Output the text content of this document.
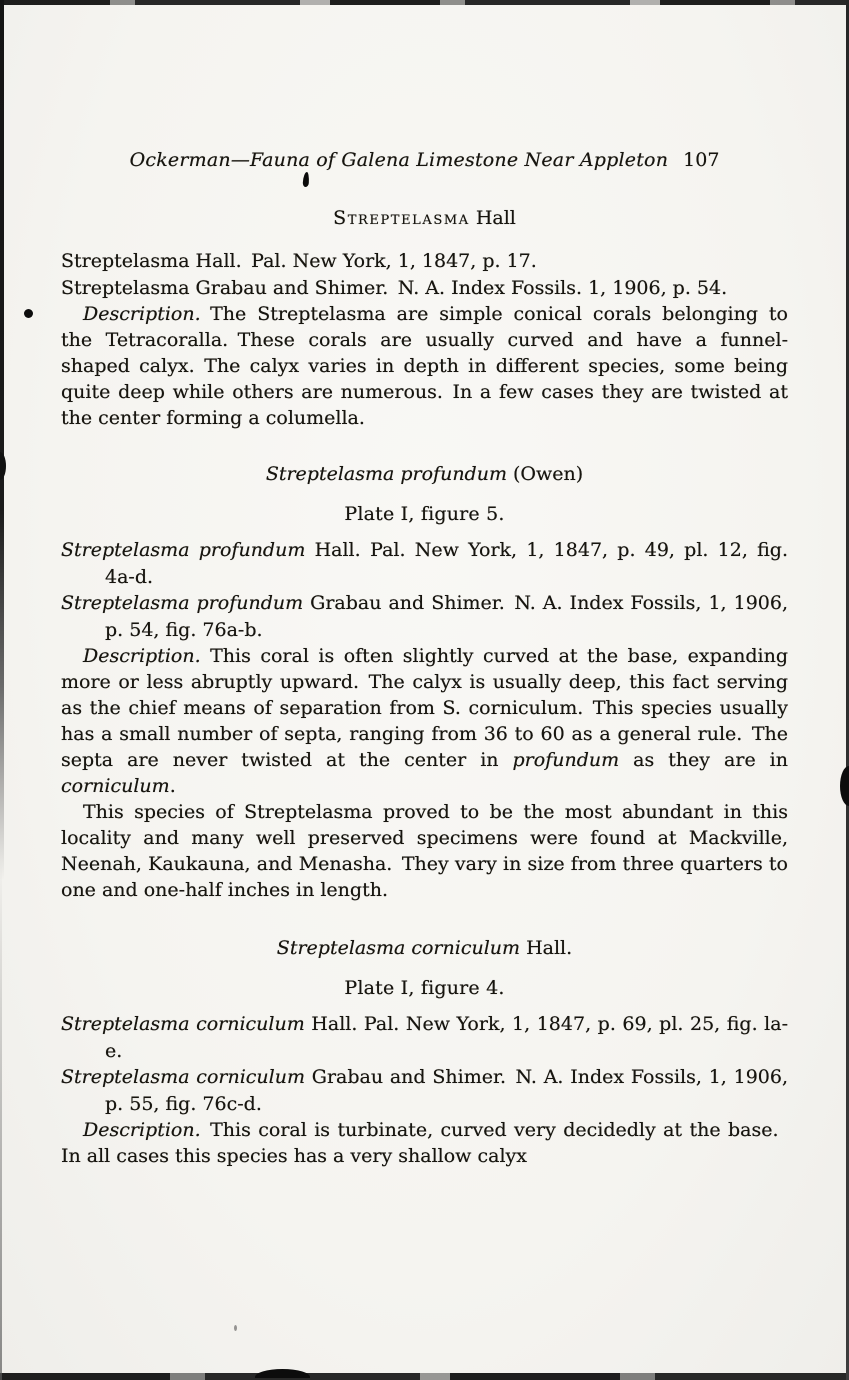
Ockerman—Fauna of Galena Limestone Near Appleton 107
Streptelasma Hall
Streptelasma Hall. Pal. New York, 1, 1847, p. 17.
Streptelasma Grabau and Shimer. N. A. Index Fossils. 1, 1906, p. 54.

Description. The Streptelasma are simple conical corals belonging to the Tetracoralla. These corals are usually curved and have a funnel-shaped calyx. The calyx varies in depth in different species, some being quite deep while others are numerous. In a few cases they are twisted at the center forming a columella.

Streptelasma profundum (Owen)
Plate I, figure 5.
Streptelasma profundum Hall. Pal. New York, 1, 1847, p. 49, pl. 12, fig. 4a-d.
Streptelasma profundum Grabau and Shimer. N. A. Index Fossils, 1, 1906, p. 54, fig. 76a-b.

Description. This coral is often slightly curved at the base, expanding more or less abruptly upward. The calyx is usually deep, this fact serving as the chief means of separation from S. corniculum. This species usually has a small number of septa, ranging from 36 to 60 as a general rule. The septa are never twisted at the center in profundum as they are in corniculum.

This species of Streptelasma proved to be the most abundant in this locality and many well preserved specimens were found at Mackville, Neenah, Kaukauna, and Menasha. They vary in size from three quarters to one and one-half inches in length.

Streptelasma corniculum Hall.
Plate I, figure 4.
Streptelasma corniculum Hall. Pal. New York, 1, 1847, p. 69, pl. 25, fig. la-e.
Streptelasma corniculum Grabau and Shimer. N. A. Index Fossils, 1, 1906, p. 55, fig. 76c-d.

Description. This coral is turbinate, curved very decidedly at the base. In all cases this species has a very shallow calyx
